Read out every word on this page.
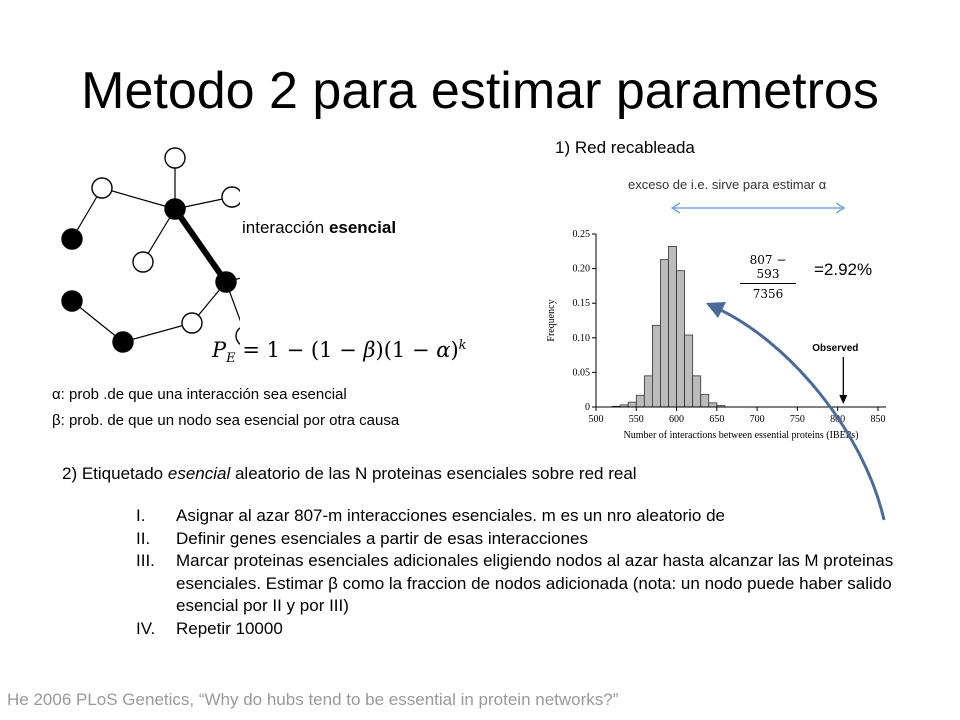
Metodo 2 para estimar parametros
interacción esencial
$P_E = 1 - (1 - \beta)(1 - \alpha)^k$
α: prob .de que una interacción sea esencial
β: prob. de que un nodo sea esencial por otra causa
1) Red recableada
exceso de i.e. sirve para estimar α
500	550	600	650	700	750	800	850
0
0.05
0.10
0.15
0.20
0.25
Number of interactions between essential proteins (IBEPs)
Frequency
Observed
$\frac{807 - 593}{7356} =2.92\%$
2) Etiquetado esencial aleatorio de las N proteinas esenciales sobre red real
I.	Asignar al azar 807-m interacciones esenciales. m es un nro aleatorio de
II.	Definir genes esenciales a partir de esas interacciones
III.	Marcar proteinas esenciales adicionales eligiendo nodos al azar hasta alcanzar las M proteinas esenciales. Estimar β como la fraccion de nodos adicionada (nota: un nodo puede haber salido esencial por II y por III)
IV.	Repetir 10000
He 2006 PLoS Genetics, “Why do hubs tend to be essential in protein networks?”
